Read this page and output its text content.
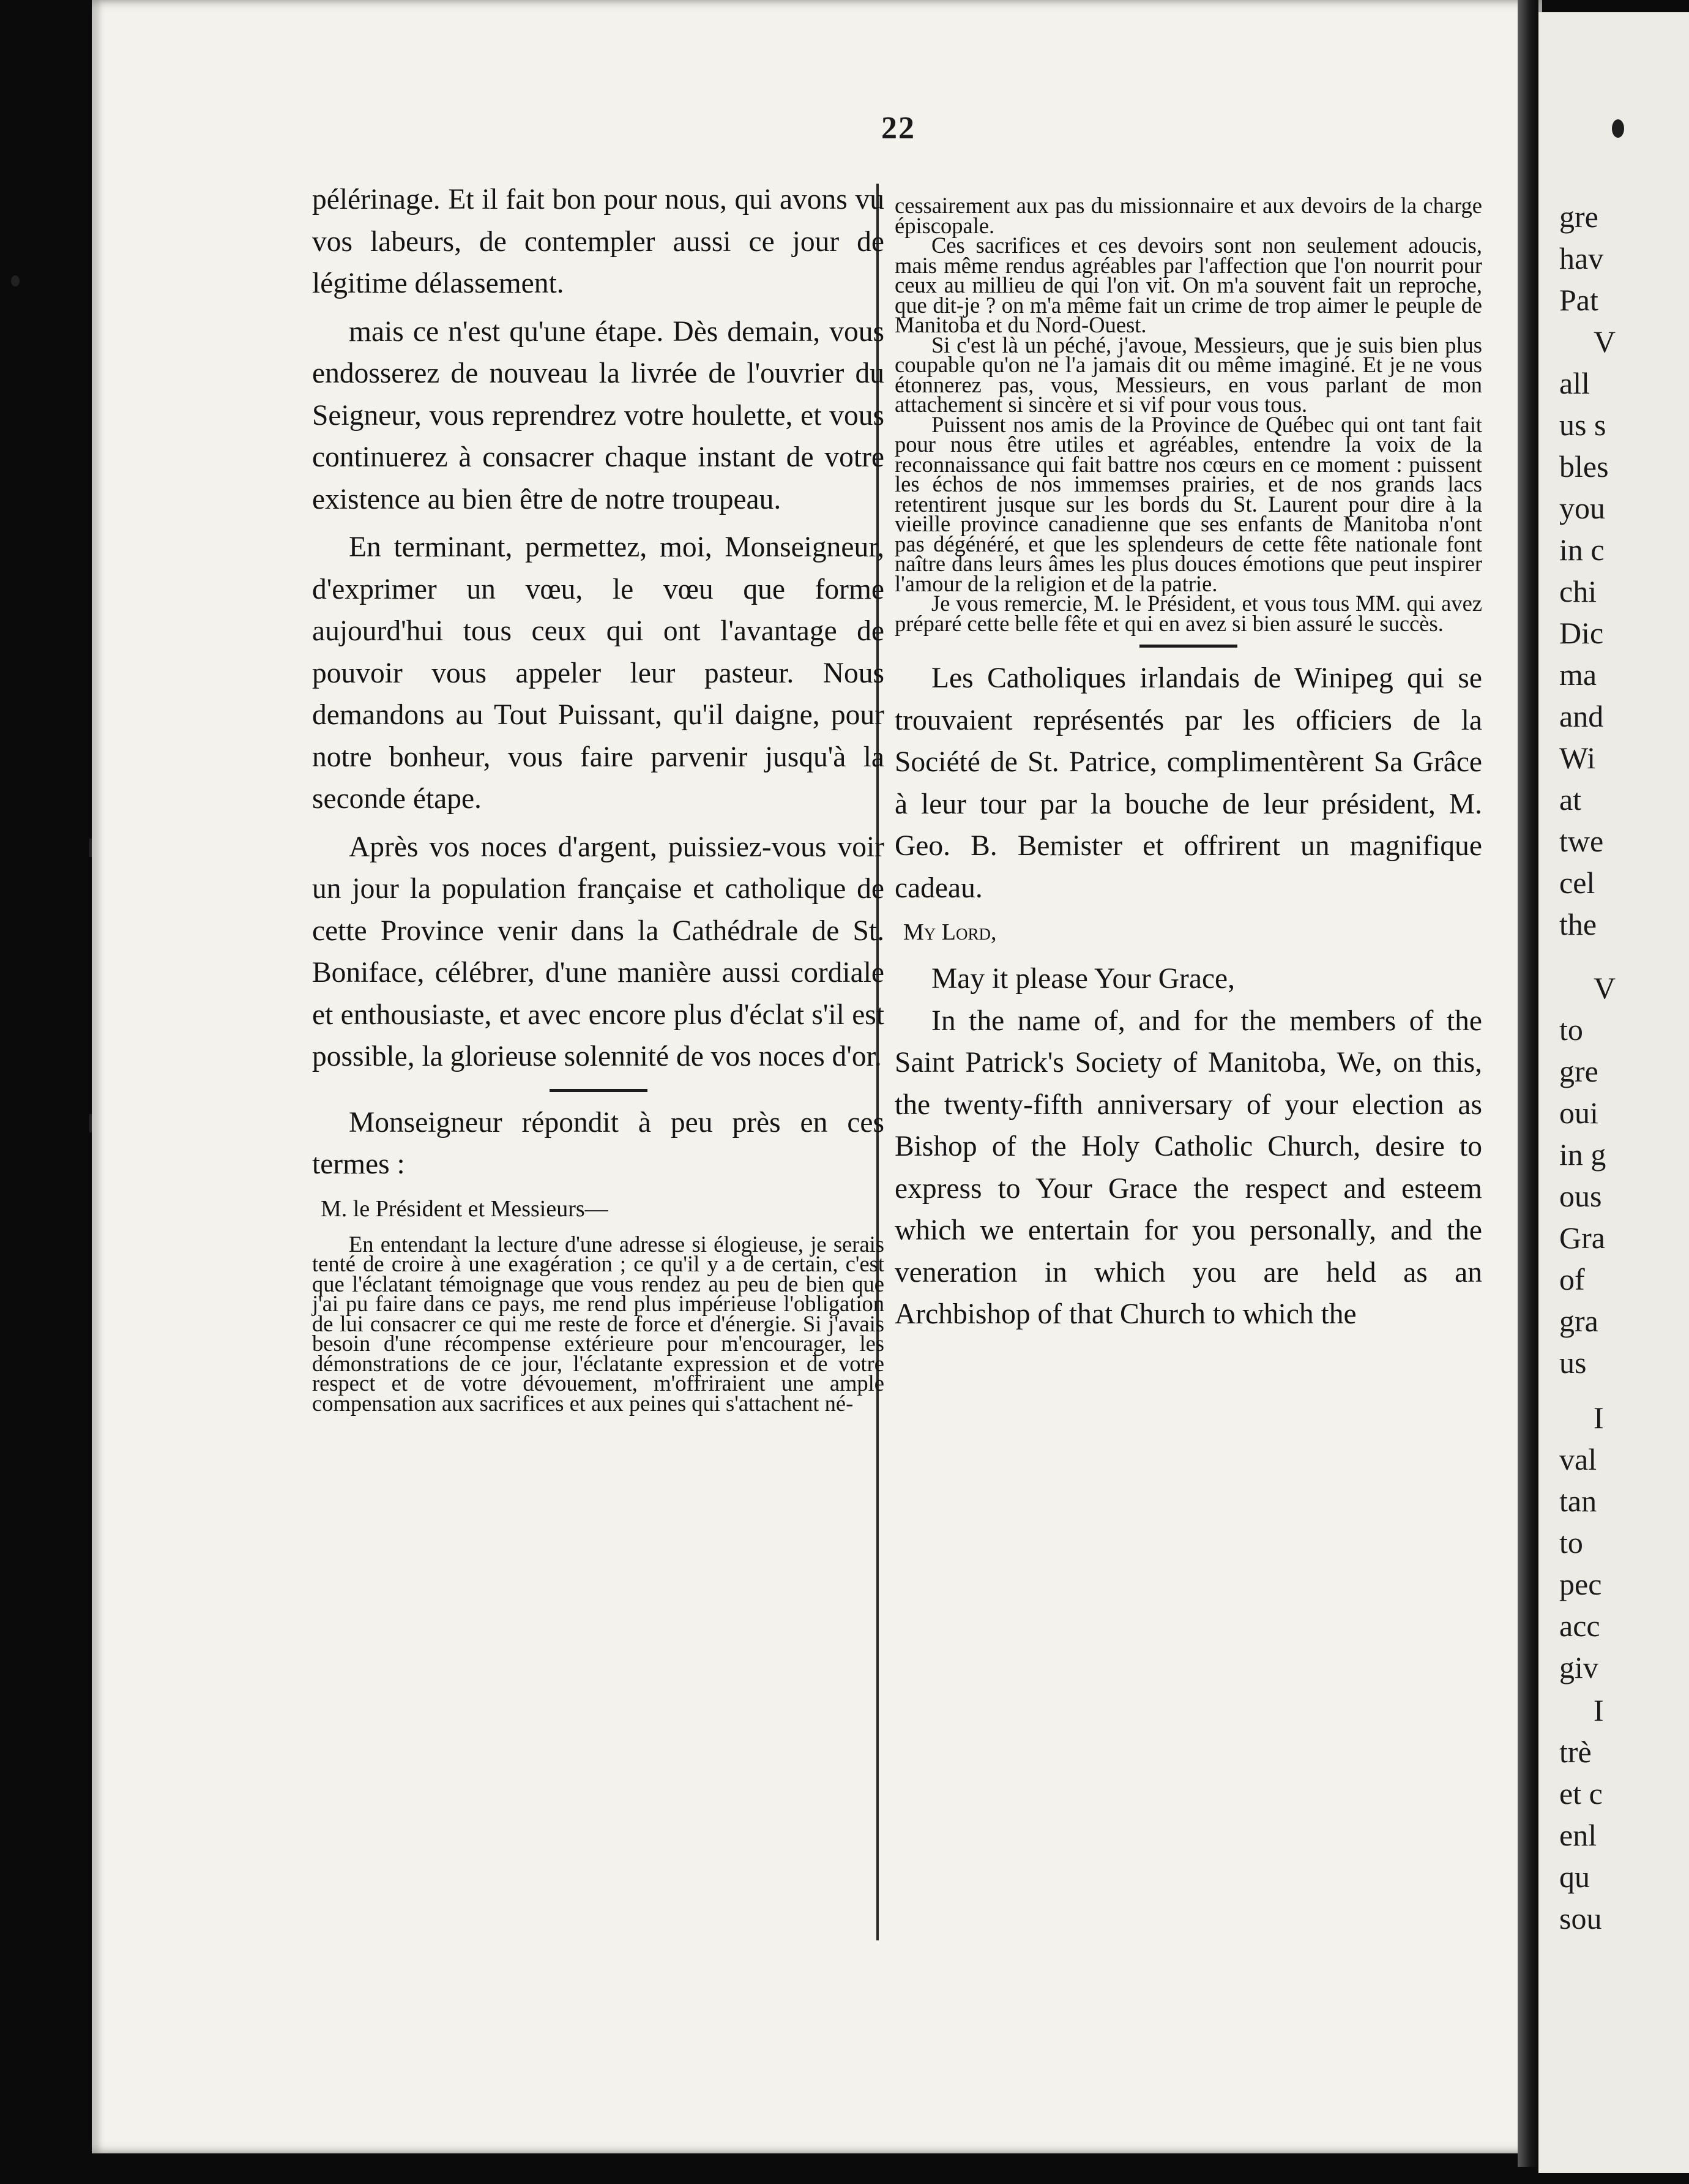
22

pélérinage. Et il fait bon pour nous, qui avons vu vos labeurs, de contempler aussi ce jour de légitime délassement.

mais ce n'est qu'une étape. Dès demain, vous endosserez de nouveau la livrée de l'ouvrier du Seigneur, vous reprendrez votre houlette, et vous continuerez à consacrer chaque instant de votre existence au bien être de notre troupeau.

En terminant, permettez, moi, Monseigneur, d'exprimer un vœu, le vœu que forme aujourd'hui tous ceux qui ont l'avantage de pouvoir vous appeler leur pasteur. Nous demandons au Tout Puissant, qu'il daigne, pour notre bonheur, vous faire parvenir jusqu'à la seconde étape.

Après vos noces d'argent, puissiez-vous voir un jour la population française et catholique de cette Province venir dans la Cathédrale de St. Boniface, célébrer, d'une manière aussi cordiale et enthousiaste, et avec encore plus d'éclat s'il est possible, la glorieuse solennité de vos noces d'or.

Monseigneur répondit à peu près en ces termes :

M. le Président et Messieurs—

En entendant la lecture d'une adresse si élogieuse, je serais tenté de croire à une exagération ; ce qu'il y a de certain, c'est que l'éclatant témoignage que vous rendez au peu de bien que j'ai pu faire dans ce pays, me rend plus impérieuse l'obligation de lui consacrer ce qui me reste de force et d'énergie. Si j'avais besoin d'une récompense extérieure pour m'encourager, les démonstrations de ce jour, l'éclatante expression et de votre respect et de votre dévouement, m'offriraient une ample compensation aux sacrifices et aux peines qui s'attachent né-

cessairement aux pas du missionnaire et aux devoirs de la charge épiscopale.

Ces sacrifices et ces devoirs sont non seulement adoucis, mais même rendus agréables par l'affection que l'on nourrit pour ceux au millieu de qui l'on vit. On m'a souvent fait un reproche, que dit-je ? on m'a même fait un crime de trop aimer le peuple de Manitoba et du Nord-Ouest.

Si c'est là un péché, j'avoue, Messieurs, que je suis bien plus coupable qu'on ne l'a jamais dit ou même imaginé. Et je ne vous étonnerez pas, vous, Messieurs, en vous parlant de mon attachement si sincère et si vif pour vous tous.

Puissent nos amis de la Province de Québec qui ont tant fait pour nous être utiles et agréables, entendre la voix de la reconnaissance qui fait battre nos cœurs en ce moment : puissent les échos de nos immemses prairies, et de nos grands lacs retentirent jusque sur les bords du St. Laurent pour dire à la vieille province canadienne que ses enfants de Manitoba n'ont pas dégénéré, et que les splendeurs de cette fête nationale font naître dans leurs âmes les plus douces émotions que peut inspirer l'amour de la religion et de la patrie.

Je vous remercie, M. le Président, et vous tous MM. qui avez préparé cette belle fête et qui en avez si bien assuré le succès.

Les Catholiques irlandais de Winipeg qui se trouvaient représentés par les officiers de la Société de St. Patrice, complimentèrent Sa Grâce à leur tour par la bouche de leur président, M. Geo. B. Bemister et offrirent un magnifique cadeau.

My Lord,

May it please Your Grace,

In the name of, and for the members of the Saint Patrick's Society of Manitoba, We, on this, the twenty-fifth anniversary of your election as Bishop of the Holy Catholic Church, desire to express to Your Grace the respect and esteem which we entertain for you personally, and the veneration in which you are held as an Archbishop of that Church to which the

gre
hav
Pat
V
all
us s
bles
you
in c
chi
Dic
ma
and
Wi
at
twe
cel
the
V
to
gre
oui
in g
ous
Gra
of
gra
us
I
val
tan
to
pec
acc
giv
I
trè
et c
enl
qu
sou
